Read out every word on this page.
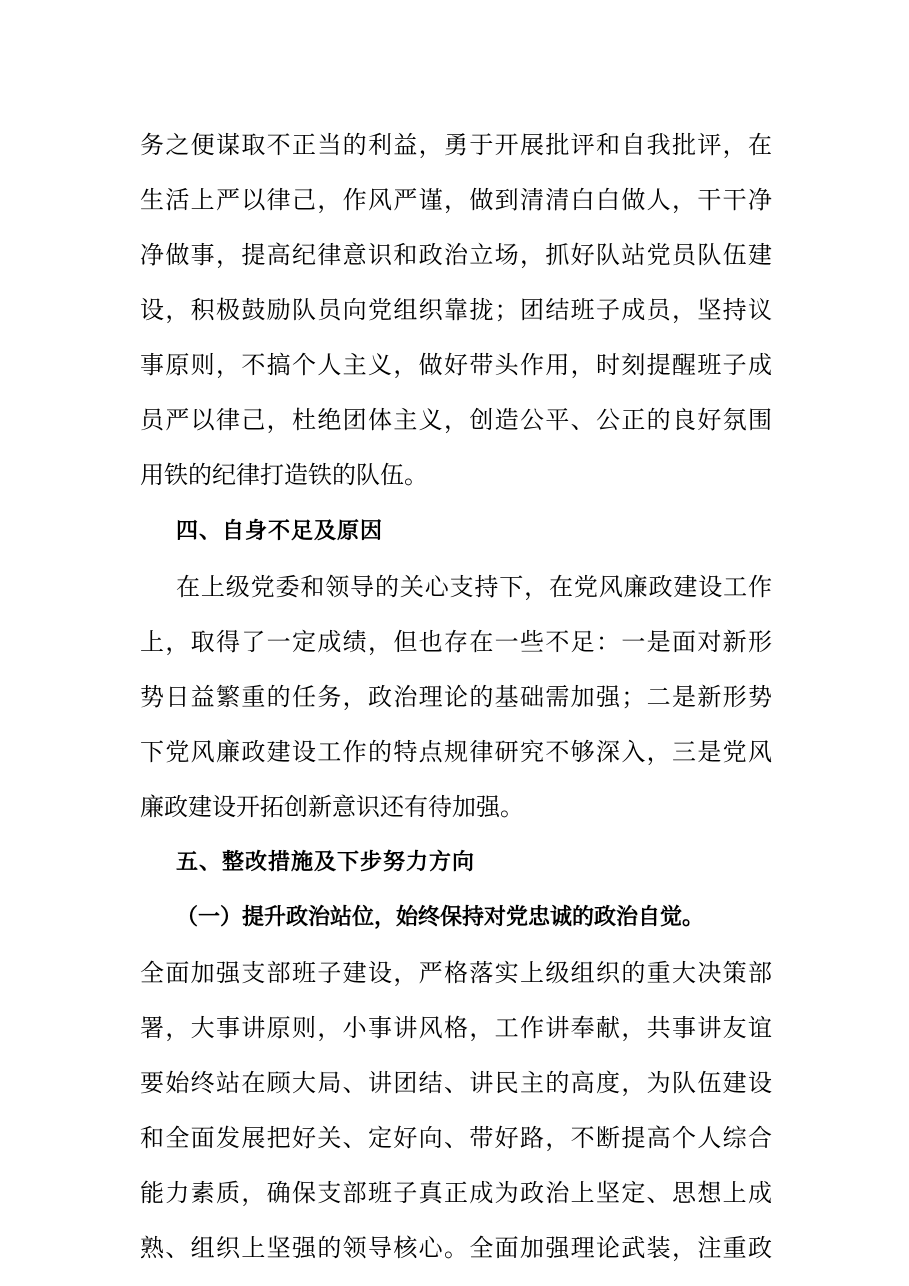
务之便谋取不正当的利益，勇于开展批评和自我批评，在
生活上严以律己，作风严谨，做到清清白白做人，干干净
净做事，提高纪律意识和政治立场，抓好队站党员队伍建
设，积极鼓励队员向党组织靠拢；团结班子成员，坚持议
事原则，不搞个人主义，做好带头作用，时刻提醒班子成
员严以律己，杜绝团体主义，创造公平、公正的良好氛围
用铁的纪律打造铁的队伍。
四、自身不足及原因
在上级党委和领导的关心支持下，在党风廉政建设工作
上，取得了一定成绩，但也存在一些不足：一是面对新形
势日益繁重的任务，政治理论的基础需加强；二是新形势
下党风廉政建设工作的特点规律研究不够深入，三是党风
廉政建设开拓创新意识还有待加强。
五、整改措施及下步努力方向
（一）提升政治站位，始终保持对党忠诚的政治自觉。
全面加强支部班子建设，严格落实上级组织的重大决策部
署，大事讲原则，小事讲风格，工作讲奉献，共事讲友谊
要始终站在顾大局、讲团结、讲民主的高度，为队伍建设
和全面发展把好关、定好向、带好路，不断提高个人综合
能力素质，确保支部班子真正成为政治上坚定、思想上成
熟、组织上坚强的领导核心。全面加强理论武装，注重政
